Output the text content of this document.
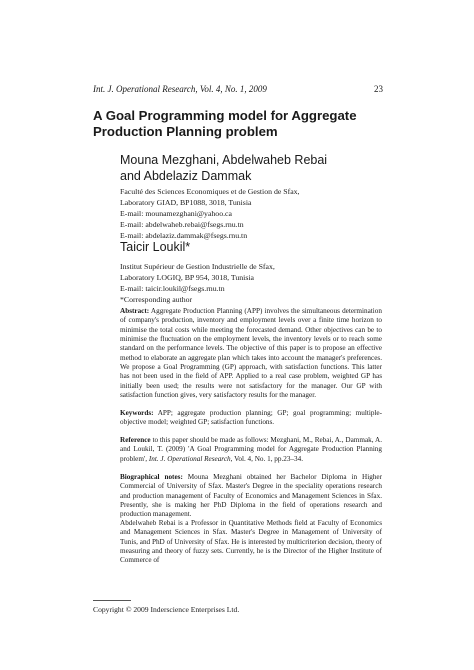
Int. J. Operational Research, Vol. 4, No. 1, 2009	23
A Goal Programming model for Aggregate Production Planning problem
Mouna Mezghani, Abdelwaheb Rebai
and Abdelaziz Dammak
Faculté des Sciences Economiques et de Gestion de Sfax,
Laboratory GIAD, BP1088, 3018, Tunisia
E-mail: mounamezghani@yahoo.ca
E-mail: abdelwaheb.rebai@fsegs.rnu.tn
E-mail: abdelaziz.dammak@fsegs.rnu.tn
Taicir Loukil*
Institut Supérieur de Gestion Industrielle de Sfax,
Laboratory LOGIQ, BP 954, 3018, Tunisia
E-mail: taicir.loukil@fsegs.rnu.tn
*Corresponding author

Abstract: Aggregate Production Planning (APP) involves the simultaneous determination of company's production, inventory and employment levels over a finite time horizon to minimise the total costs while meeting the forecasted demand. Other objectives can be to minimise the fluctuation on the employment levels, the inventory levels or to reach some standard on the performance levels. The objective of this paper is to propose an effective method to elaborate an aggregate plan which takes into account the manager's preferences. We propose a Goal Programming (GP) approach, with satisfaction functions. This latter has not been used in the field of APP. Applied to a real case problem, weighted GP has initially been used; the results were not satisfactory for the manager. Our GP with satisfaction function gives, very satisfactory results for the manager.

Keywords: APP; aggregate production planning; GP; goal programming; multiple-objective model; weighted GP; satisfaction functions.

Reference to this paper should be made as follows: Mezghani, M., Rebai, A., Dammak, A. and Loukil, T. (2009) 'A Goal Programming model for Aggregate Production Planning problem', Int. J. Operational Research, Vol. 4, No. 1, pp.23–34.

Biographical notes: Mouna Mezghani obtained her Bachelor Diploma in Higher Commercial of University of Sfax. Master's Degree in the speciality operations research and production management of Faculty of Economics and Management Sciences in Sfax. Presently, she is making her PhD Diploma in the field of operations research and production management.

Abdelwaheb Rebai is a Professor in Quantitative Methods field at Faculty of Economics and Management Sciences in Sfax. Master's Degree in Management of University of Tunis, and PhD of University of Sfax. He is interested by multicriterion decision, theory of measuring and theory of fuzzy sets. Currently, he is the Director of the Higher Institute of Commerce of

Copyright © 2009 Inderscience Enterprises Ltd.
